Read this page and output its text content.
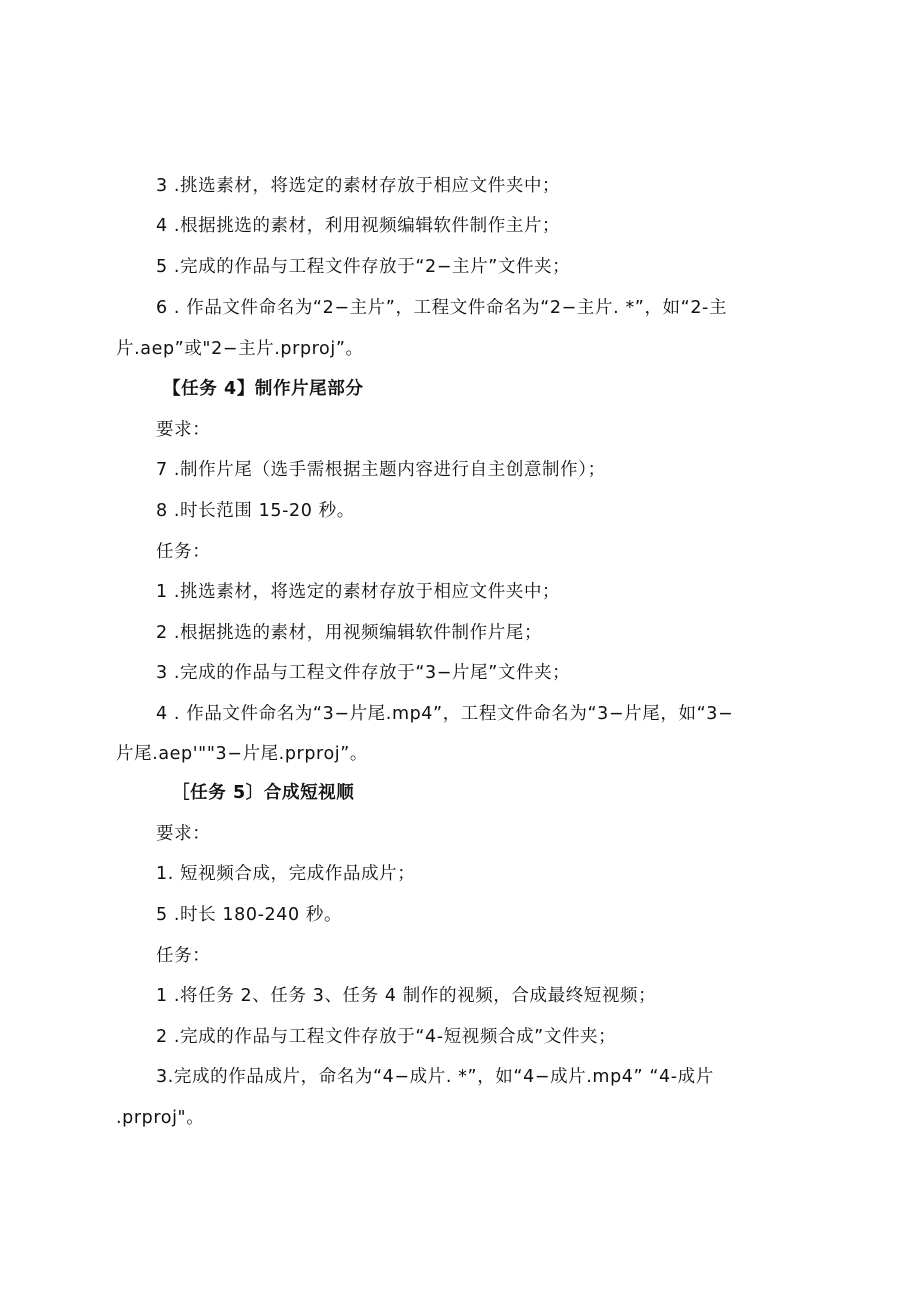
3 .挑选素材，将选定的素材存放于相应文件夹中；
4 .根据挑选的素材，利用视频编辑软件制作主片；
5 .完成的作品与工程文件存放于“2−主片”文件夹；
6 . 作品文件命名为“2−主片”，工程文件命名为“2−主片. *”，如“2-主
片.aep”或"2−主片.prproj”。
【任务 4】制作片尾部分
要求：
7 .制作片尾（选手需根据主题内容进行自主创意制作）；
8 .时长范围 15-20 秒。
任务：
1 .挑选素材，将选定的素材存放于相应文件夹中；
2 .根据挑选的素材，用视频编辑软件制作片尾；
3 .完成的作品与工程文件存放于“3−片尾”文件夹；
4 . 作品文件命名为“3−片尾.mp4”，工程文件命名为“3−片尾，如“3−
片尾.aep'""3−片尾.prproj”。
［任务 5〕合成短视顺
要求：
1. 短视频合成，完成作品成片；
5 .时长 180-240 秒。
任务：
1 .将任务 2、任务 3、任务 4 制作的视频，合成最终短视频；
2 .完成的作品与工程文件存放于“4-短视频合成”文件夹；
3.完成的作品成片，命名为“4−成片. *”，如“4−成片.mp4” “4-成片
.prproj"。
